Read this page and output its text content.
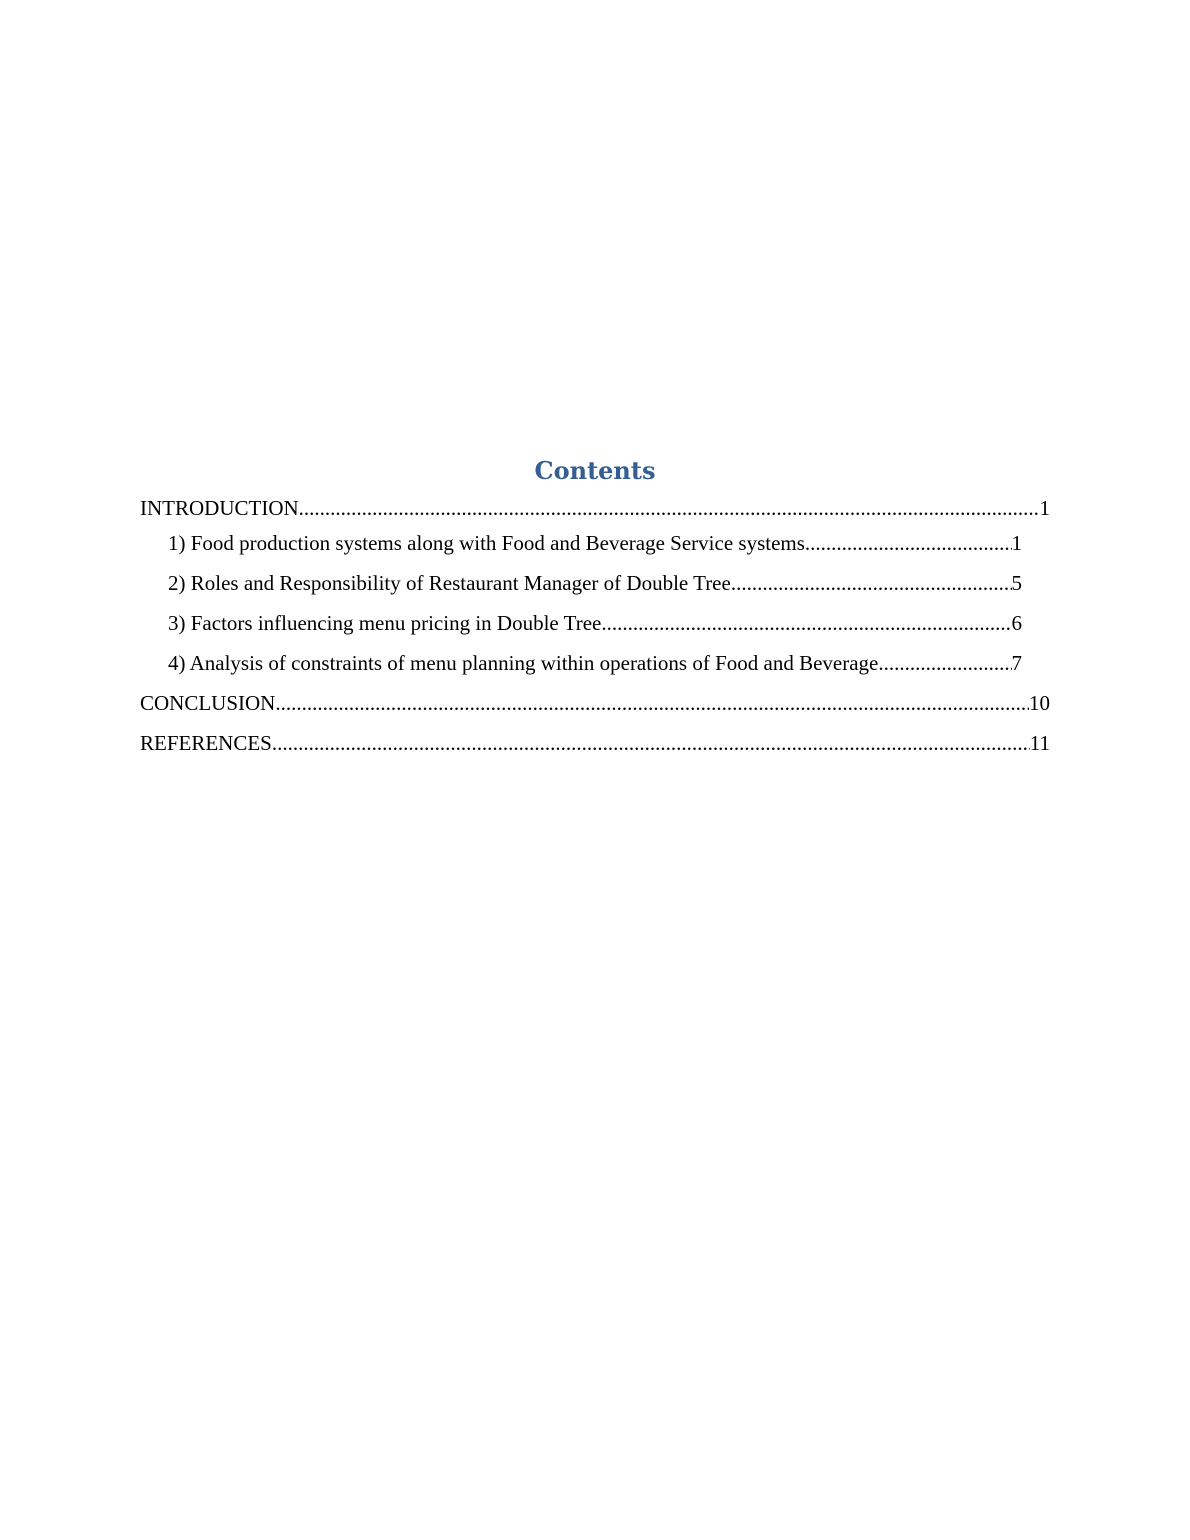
Contents
INTRODUCTION .....	1
1) Food production systems along with Food and Beverage Service systems .....	1
2) Roles and Responsibility of Restaurant Manager of Double Tree .....	5
3) Factors influencing menu pricing in Double Tree .....	6
4) Analysis of constraints of menu planning within operations of Food and Beverage .....	7
CONCLUSION .....	10
REFERENCES .....	11
